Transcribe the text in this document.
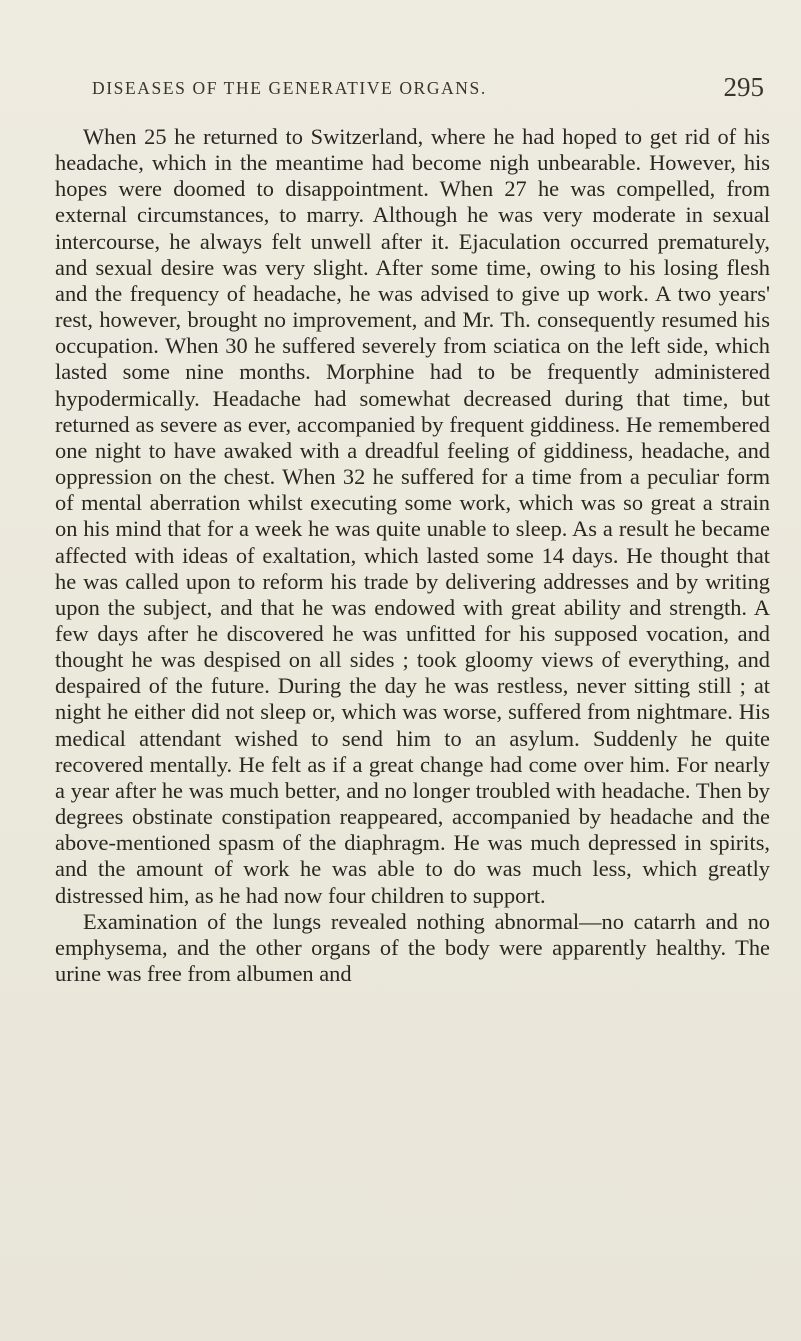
DISEASES OF THE GENERATIVE ORGANS.	295

When 25 he returned to Switzerland, where he had hoped to get rid of his headache, which in the meantime had become nigh unbearable. However, his hopes were doomed to disappointment. When 27 he was compelled, from external circumstances, to marry. Although he was very moderate in sexual intercourse, he always felt unwell after it. Ejaculation occurred prematurely, and sexual desire was very slight. After some time, owing to his losing flesh and the frequency of headache, he was advised to give up work. A two years' rest, however, brought no improvement, and Mr. Th. consequently resumed his occupation. When 30 he suffered severely from sciatica on the left side, which lasted some nine months. Morphine had to be frequently administered hypodermically. Headache had somewhat decreased during that time, but returned as severe as ever, accompanied by frequent giddiness. He remembered one night to have awaked with a dreadful feeling of giddiness, headache, and oppression on the chest. When 32 he suffered for a time from a peculiar form of mental aberration whilst executing some work, which was so great a strain on his mind that for a week he was quite unable to sleep. As a result he became affected with ideas of exaltation, which lasted some 14 days. He thought that he was called upon to reform his trade by delivering addresses and by writing upon the subject, and that he was endowed with great ability and strength. A few days after he discovered he was unfitted for his supposed vocation, and thought he was despised on all sides ; took gloomy views of everything, and despaired of the future. During the day he was restless, never sitting still ; at night he either did not sleep or, which was worse, suffered from nightmare. His medical attendant wished to send him to an asylum. Suddenly he quite recovered mentally. He felt as if a great change had come over him. For nearly a year after he was much better, and no longer troubled with headache. Then by degrees obstinate constipation reappeared, accompanied by headache and the above-mentioned spasm of the diaphragm. He was much depressed in spirits, and the amount of work he was able to do was much less, which greatly distressed him, as he had now four children to support.

Examination of the lungs revealed nothing abnormal—no catarrh and no emphysema, and the other organs of the body were apparently healthy. The urine was free from albumen and
